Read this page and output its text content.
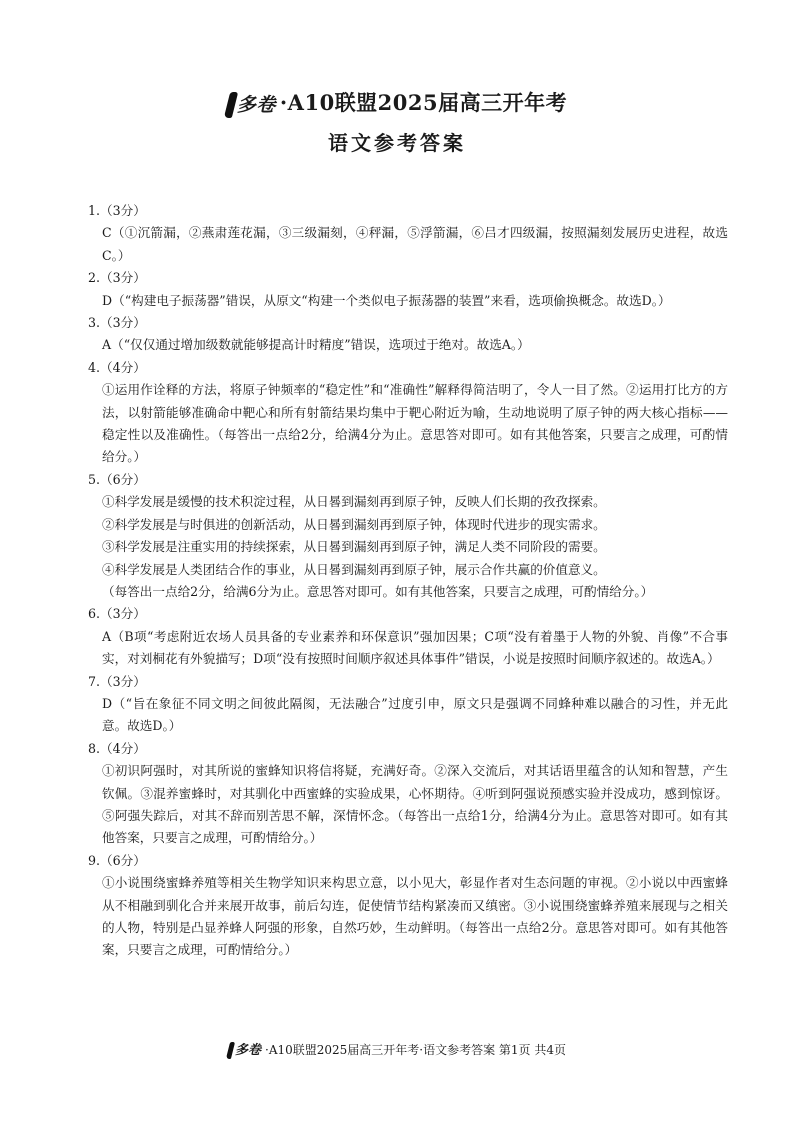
多卷 ·A10联盟2025届高三开年考
语文参考答案
1.（3分）

C（①沉箭漏，②燕肃莲花漏，③三级漏刻，④秤漏，⑤浮箭漏，⑥吕才四级漏，按照漏刻发展历史进程，故选C。）

2.（3分）

D（“构建电子振荡器”错误，从原文“构建一个类似电子振荡器的装置”来看，选项偷换概念。故选D。）

3.（3分）

A（“仅仅通过增加级数就能够提高计时精度”错误，选项过于绝对。故选A。）

4.（4分）

①运用作诠释的方法，将原子钟频率的“稳定性”和“准确性”解释得简洁明了，令人一目了然。②运用打比方的方法，以射箭能够准确命中靶心和所有射箭结果均集中于靶心附近为喻，生动地说明了原子钟的两大核心指标——稳定性以及准确性。（每答出一点给2分，给满4分为止。意思答对即可。如有其他答案，只要言之成理，可酌情给分。）

5.（6分）

①科学发展是缓慢的技术积淀过程，从日晷到漏刻再到原子钟，反映人们长期的孜孜探索。

②科学发展是与时俱进的创新活动，从日晷到漏刻再到原子钟，体现时代进步的现实需求。

③科学发展是注重实用的持续探索，从日晷到漏刻再到原子钟，满足人类不同阶段的需要。

④科学发展是人类团结合作的事业，从日晷到漏刻再到原子钟，展示合作共赢的价值意义。

（每答出一点给2分，给满6分为止。意思答对即可。如有其他答案，只要言之成理，可酌情给分。）

6.（3分）

A（B项“考虑附近农场人员具备的专业素养和环保意识”强加因果；C项“没有着墨于人物的外貌、肖像”不合事实，对刘桐花有外貌描写；D项“没有按照时间顺序叙述具体事件”错误，小说是按照时间顺序叙述的。故选A。）

7.（3分）

D（“旨在象征不同文明之间彼此隔阂，无法融合”过度引申，原文只是强调不同蜂种难以融合的习性，并无此意。故选D。）

8.（4分）

①初识阿强时，对其所说的蜜蜂知识将信将疑，充满好奇。②深入交流后，对其话语里蕴含的认知和智慧，产生钦佩。③混养蜜蜂时，对其驯化中西蜜蜂的实验成果，心怀期待。④听到阿强说预感实验并没成功，感到惊讶。⑤阿强失踪后，对其不辞而别苦思不解，深情怀念。（每答出一点给1分，给满4分为止。意思答对即可。如有其他答案，只要言之成理，可酌情给分。）

9.（6分）

①小说围绕蜜蜂养殖等相关生物学知识来构思立意，以小见大，彰显作者对生态问题的审视。②小说以中西蜜蜂从不相融到驯化合并来展开故事，前后勾连，促使情节结构紧凑而又缜密。③小说围绕蜜蜂养殖来展现与之相关的人物，特别是凸显养蜂人阿强的形象，自然巧妙，生动鲜明。（每答出一点给2分。意思答对即可。如有其他答案，只要言之成理，可酌情给分。）

多卷 ·A10联盟2025届高三开年考·语文参考答案 第1页 共4页
